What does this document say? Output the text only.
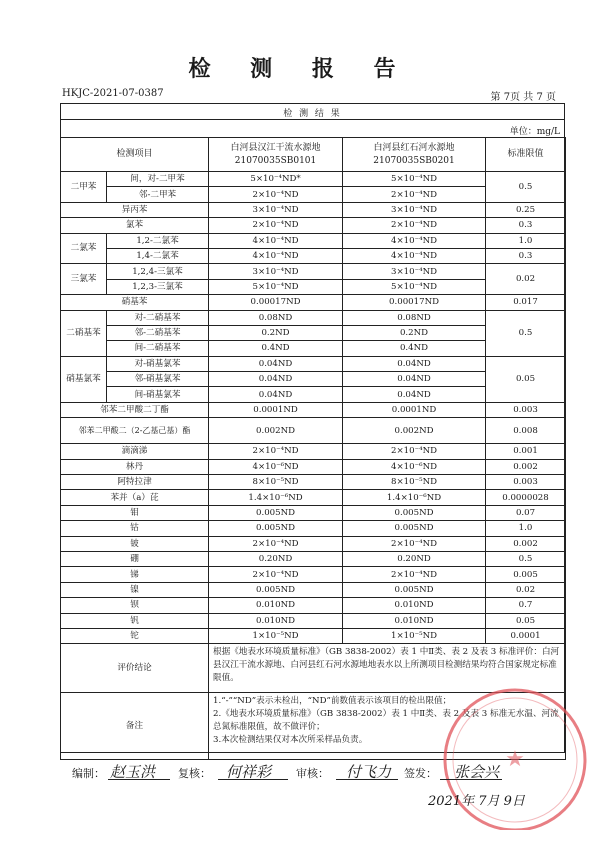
检 测 报 告
HKJC-2021-07-0387	第 7页 共 7 页
检 测 结 果
单位：mg/L
检测项目		白河县汉江干流水源地 21070035SB0101	白河县红石河水源地 21070035SB0201	标准限值
二甲苯	间，对-二甲苯	5×10⁻⁴ND*	5×10⁻⁴ND	0.5
	邻-二甲苯	2×10⁻⁴ND	2×10⁻⁴ND	
异丙苯		3×10⁻⁴ND	3×10⁻⁴ND	0.25
氯苯		2×10⁻⁴ND	2×10⁻⁴ND	0.3
二氯苯	1,2-二氯苯	4×10⁻⁴ND	4×10⁻⁴ND	1.0
	1,4-二氯苯	4×10⁻⁴ND	4×10⁻⁴ND	0.3
三氯苯	1,2,4-三氯苯	3×10⁻⁴ND	3×10⁻⁴ND	0.02
	1,2,3-三氯苯	5×10⁻⁴ND	5×10⁻⁴ND	
硝基苯		0.00017ND	0.00017ND	0.017
二硝基苯	对-二硝基苯	0.08ND	0.08ND	0.5
	邻-二硝基苯	0.2ND	0.2ND	
	间-二硝基苯	0.4ND	0.4ND	
硝基氯苯	对-硝基氯苯	0.04ND	0.04ND	0.05
	邻-硝基氯苯	0.04ND	0.04ND	
	间-硝基氯苯	0.04ND	0.04ND	
邻苯二甲酸二丁酯		0.0001ND	0.0001ND	0.003
邻苯二甲酸二（2-乙基己基）酯		0.002ND	0.002ND	0.008
滴滴涕		2×10⁻⁴ND	2×10⁻⁴ND	0.001
林丹		4×10⁻⁶ND	4×10⁻⁶ND	0.002
阿特拉津		8×10⁻⁵ND	8×10⁻⁵ND	0.003
苯并（a）芘		1.4×10⁻⁶ND	1.4×10⁻⁶ND	0.0000028
钼		0.005ND	0.005ND	0.07
钴		0.005ND	0.005ND	1.0
铍		2×10⁻⁴ND	2×10⁻⁴ND	0.002
硼		0.20ND	0.20ND	0.5
锑		2×10⁻⁴ND	2×10⁻⁴ND	0.005
镍		0.005ND	0.005ND	0.02
钡		0.010ND	0.010ND	0.7
钒		0.010ND	0.010ND	0.05
铊		1×10⁻⁵ND	1×10⁻⁵ND	0.0001
评价结论		根据《地表水环境质量标准》（GB 3838-2002）表 1 中Ⅱ类、表 2 及表 3 标准评价：白河县汉江干流水源地、白河县红石河水源地地表水以上所测项目检测结果均符合国家规定标准限值。		
备注		1.“-”“ND”表示未检出，“ND”前数值表示该项目的检出限值；
2.《地表水环境质量标准》（GB 3838-2002）表 1 中Ⅱ类、表 2 及表 3 标准无水温、河流总氮标准限值，故不做评价；
3.本次检测结果仅对本次所采样品负责。		
★
编制： 赵玉洪 复核： 何祥彩 审核： 付飞力 签发： 张会兴
2021年 7月 9日
